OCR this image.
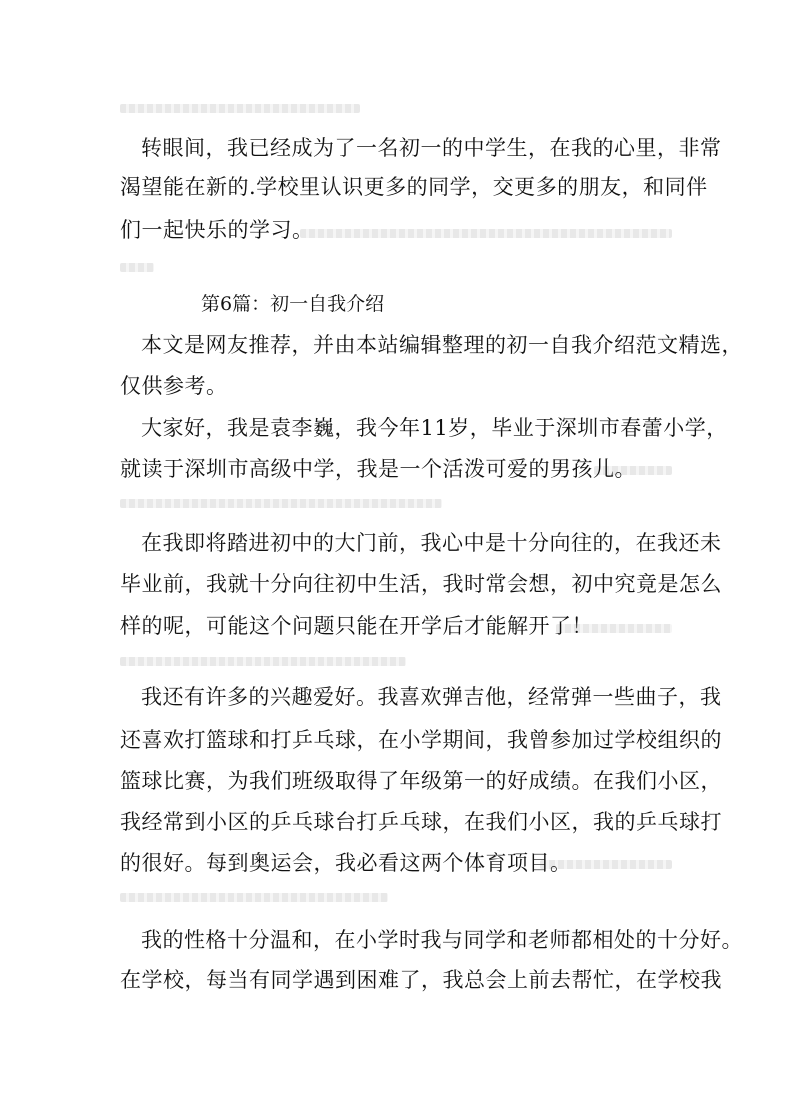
转眼间，我已经成为了一名初一的中学生，在我的心里，非常
渴望能在新的.学校里认识更多的同学，交更多的朋友，和同伴
们一起快乐的学习。
第6篇：初一自我介绍
本文是网友推荐，并由本站编辑整理的初一自我介绍范文精选，
仅供参考。
大家好，我是袁李巍，我今年11岁，毕业于深圳市春蕾小学，
就读于深圳市高级中学，我是一个活泼可爱的男孩儿。
在我即将踏进初中的大门前，我心中是十分向往的，在我还未
毕业前，我就十分向往初中生活，我时常会想，初中究竟是怎么
样的呢，可能这个问题只能在开学后才能解开了！
我还有许多的兴趣爱好。我喜欢弹吉他，经常弹一些曲子，我
还喜欢打篮球和打乒乓球，在小学期间，我曾参加过学校组织的
篮球比赛，为我们班级取得了年级第一的好成绩。在我们小区，
我经常到小区的乒乓球台打乒乓球，在我们小区，我的乒乓球打
的很好。每到奥运会，我必看这两个体育项目。
我的性格十分温和，在小学时我与同学和老师都相处的十分好。
在学校，每当有同学遇到困难了，我总会上前去帮忙，在学校我
